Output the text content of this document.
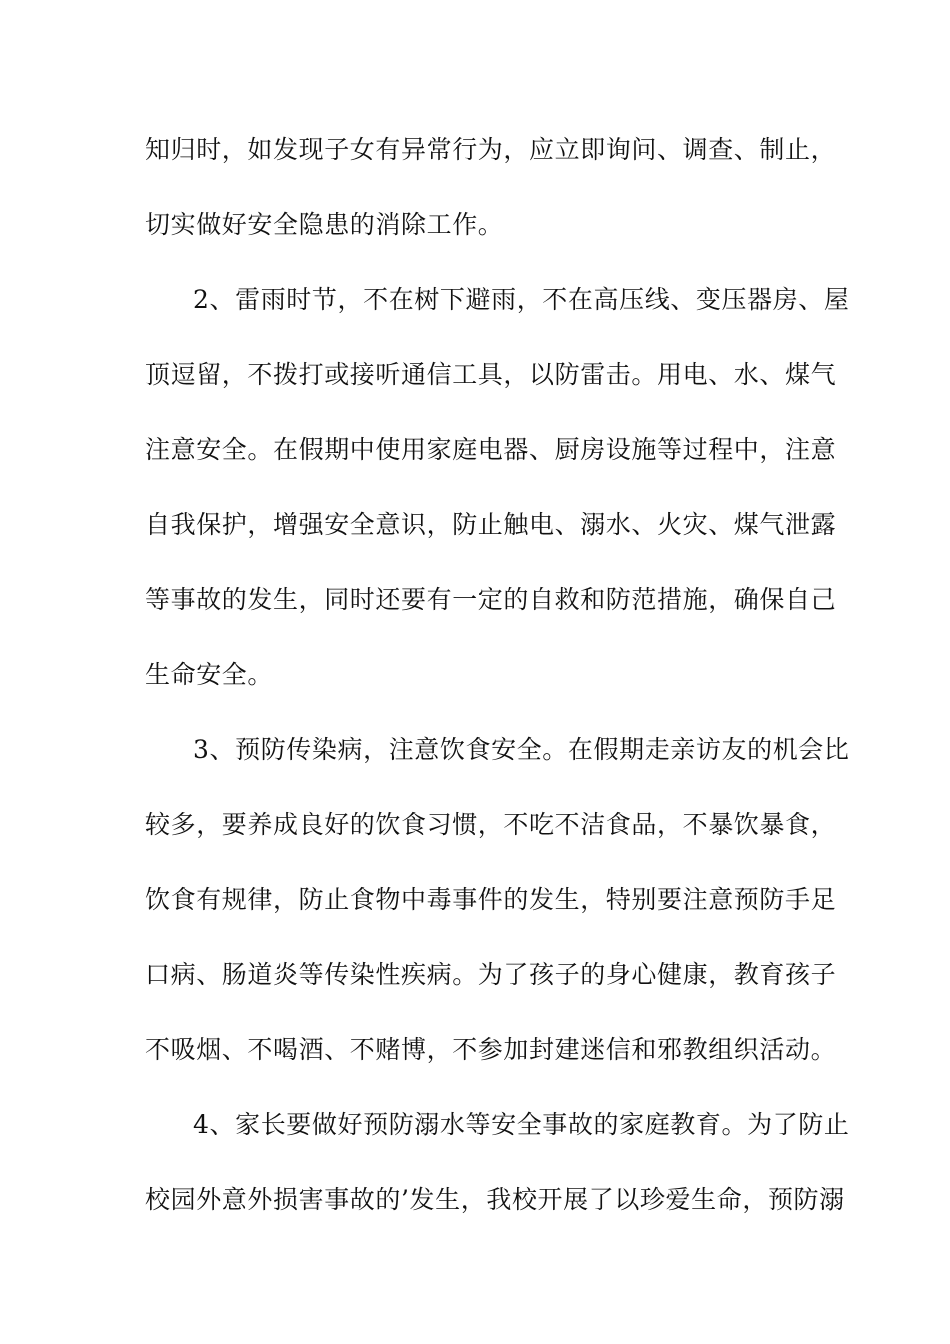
知归时，如发现子女有异常行为，应立即询问、调查、制止，
切实做好安全隐患的消除工作。
2、雷雨时节，不在树下避雨，不在高压线、变压器房、屋
顶逗留，不拨打或接听通信工具，以防雷击。用电、水、煤气
注意安全。在假期中使用家庭电器、厨房设施等过程中，注意
自我保护，增强安全意识，防止触电、溺水、火灾、煤气泄露
等事故的发生，同时还要有一定的自救和防范措施，确保自己
生命安全。
3、预防传染病，注意饮食安全。在假期走亲访友的机会比
较多，要养成良好的饮食习惯，不吃不洁食品，不暴饮暴食，
饮食有规律，防止食物中毒事件的发生，特别要注意预防手足
口病、肠道炎等传染性疾病。为了孩子的身心健康，教育孩子
不吸烟、不喝酒、不赌博，不参加封建迷信和邪教组织活动。
4、家长要做好预防溺水等安全事故的家庭教育。为了防止
校园外意外损害事故的’发生，我校开展了以珍爱生命，预防溺
